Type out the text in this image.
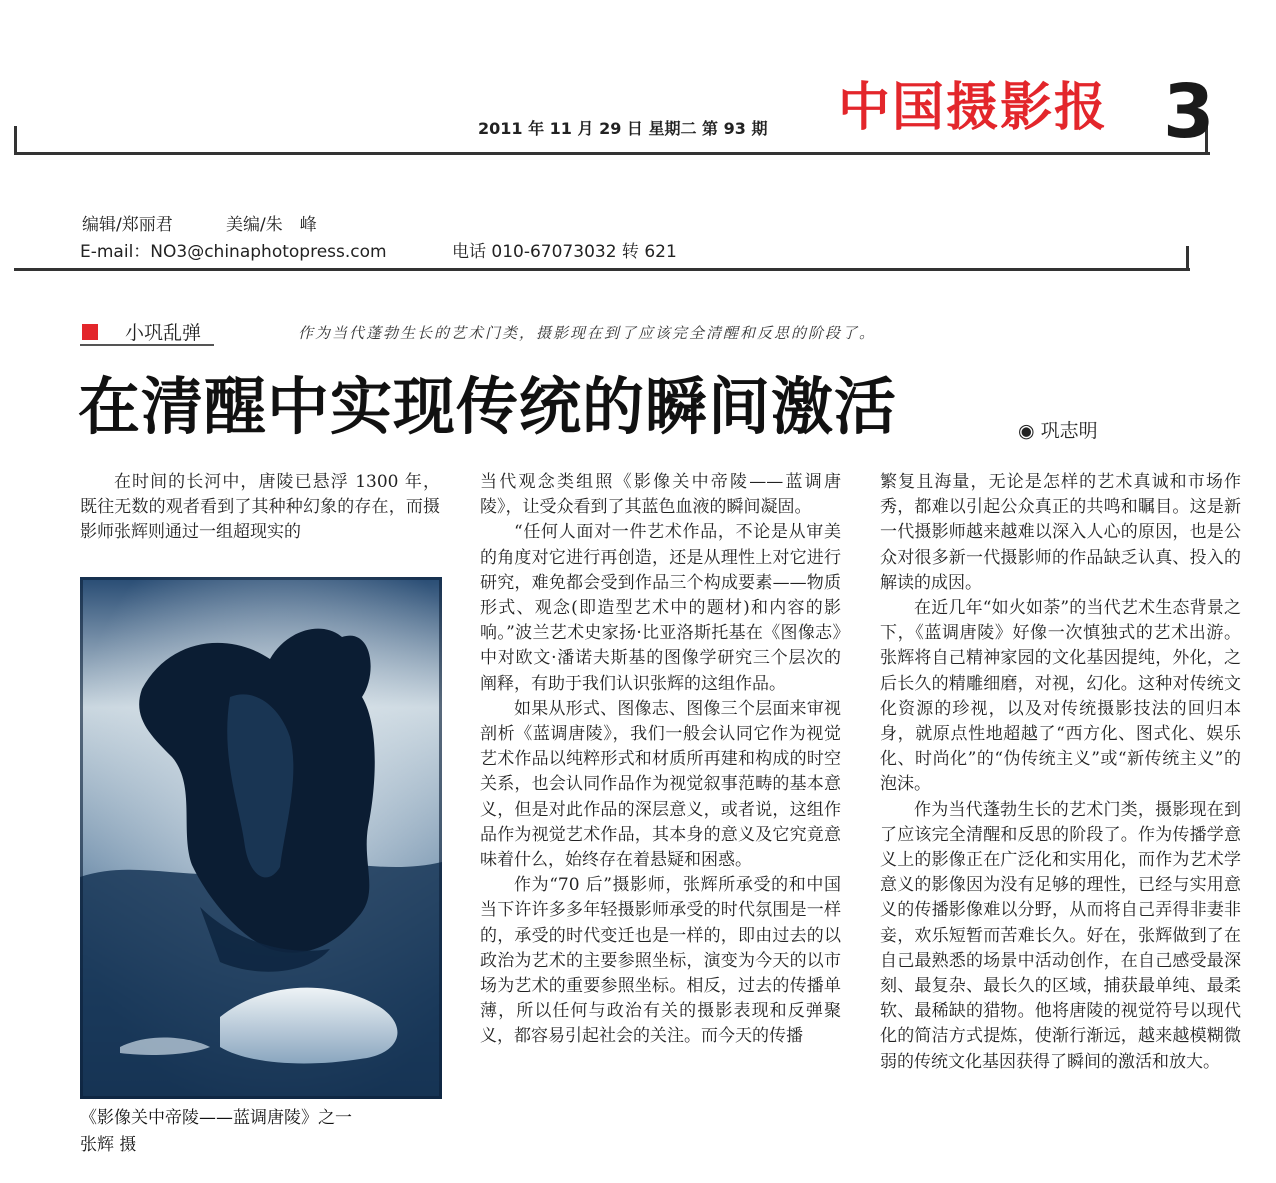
2011 年 11 月 29 日 星期二 第 93 期 中国摄影报 3
编辑/郑丽君	美编/朱　峰
E-mail：NO3@chinaphotopress.com	电话 010-67073032 转 621
小巩乱弹	作为当代蓬勃生长的艺术门类，摄影现在到了应该完全清醒和反思的阶段了。
在清醒中实现传统的瞬间激活	◉ 巩志明

在时间的长河中，唐陵已悬浮 1300 年，既往无数的观者看到了其种种幻象的存在，而摄影师张辉则通过一组超现实的

《影像关中帝陵——蓝调唐陵》之一
张辉 摄

当代观念类组照《影像关中帝陵——蓝调唐陵》，让受众看到了其蓝色血液的瞬间凝固。

“任何人面对一件艺术作品，不论是从审美的角度对它进行再创造，还是从理性上对它进行研究，难免都会受到作品三个构成要素——物质形式、观念(即造型艺术中的题材)和内容的影响。”波兰艺术史家扬·比亚洛斯托基在《图像志》中对欧文·潘诺夫斯基的图像学研究三个层次的阐释，有助于我们认识张辉的这组作品。

如果从形式、图像志、图像三个层面来审视剖析《蓝调唐陵》，我们一般会认同它作为视觉艺术作品以纯粹形式和材质所再建和构成的时空关系，也会认同作品作为视觉叙事范畴的基本意义，但是对此作品的深层意义，或者说，这组作品作为视觉艺术作品，其本身的意义及它究竟意味着什么，始终存在着悬疑和困惑。

作为“70 后”摄影师，张辉所承受的和中国当下许许多多年轻摄影师承受的时代氛围是一样的，承受的时代变迁也是一样的，即由过去的以政治为艺术的主要参照坐标，演变为今天的以市场为艺术的重要参照坐标。相反，过去的传播单薄，所以任何与政治有关的摄影表现和反弹聚义，都容易引起社会的关注。而今天的传播

繁复且海量，无论是怎样的艺术真诚和市场作秀，都难以引起公众真正的共鸣和瞩目。这是新一代摄影师越来越难以深入人心的原因，也是公众对很多新一代摄影师的作品缺乏认真、投入的解读的成因。

在近几年“如火如荼”的当代艺术生态背景之下，《蓝调唐陵》好像一次慎独式的艺术出游。张辉将自己精神家园的文化基因提纯，外化，之后长久的精雕细磨，对视，幻化。这种对传统文化资源的珍视，以及对传统摄影技法的回归本身，就原点性地超越了“西方化、图式化、娱乐化、时尚化”的“伪传统主义”或“新传统主义”的泡沫。

作为当代蓬勃生长的艺术门类，摄影现在到了应该完全清醒和反思的阶段了。作为传播学意义上的影像正在广泛化和实用化，而作为艺术学意义的影像因为没有足够的理性，已经与实用意义的传播影像难以分野，从而将自己弄得非妻非妾，欢乐短暂而苦难长久。好在，张辉做到了在自己最熟悉的场景中活动创作，在自己感受最深刻、最复杂、最长久的区域，捕获最单纯、最柔软、最稀缺的猎物。他将唐陵的视觉符号以现代化的简洁方式提炼，使渐行渐远，越来越模糊微弱的传统文化基因获得了瞬间的激活和放大。
